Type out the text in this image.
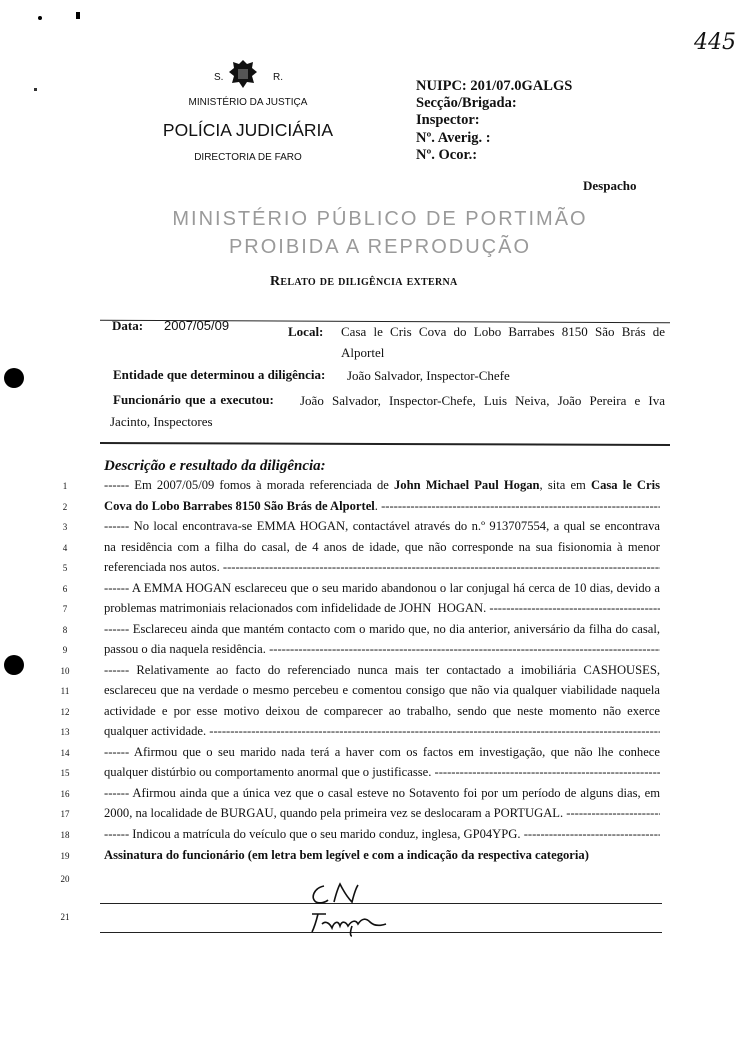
445
S.	R.
MINISTÉRIO DA JUSTIÇA
POLÍCIA JUDICIÁRIA
DIRECTORIA DE FARO
NUIPC: 201/07.0GALGS
Secção/Brigada:
Inspector:
Nº. Averig. :
Nº. Ocor.:
Despacho
MINISTÉRIO PÚBLICO DE PORTIMÃO
PROIBIDA A REPRODUÇÃO
Relato de diligência externa
Data: 2007/05/09	Local: Casa le Cris Cova do Lobo Barrabes 8150 São Brás de
Alportel
Entidade que determinou a diligência: João Salvador, Inspector-Chefe
Funcionário que a executou: João Salvador, Inspector-Chefe, Luis Neiva, João Pereira e Iva
Jacinto, Inspectores
Descrição e resultado da diligência:
1	------ Em 2007/05/09 fomos à morada referenciada de John Michael Paul Hogan, sita em Casa le Cris
2	Cova do Lobo Barrabes 8150 São Brás de Alportel.
-----
3	------ No local encontrava-se EMMA HOGAN, contactável através do n.º 913707554, a qual se encontrava
4	na residência com a filha do casal, de 4 anos de idade, que não corresponde na sua fisionomia à menor
5	referenciada nos autos.
-----
6	------ A EMMA HOGAN esclareceu que o seu marido abandonou o lar conjugal há cerca de 10 dias, devido a
7	problemas matrimoniais relacionados com infidelidade de JOHN  HOGAN.
-----
8	------ Esclareceu ainda que mantém contacto com o marido que, no dia anterior, aniversário da filha do casal,
9	passou o dia naquela residência.
-----
10	------ Relativamente ao facto do referenciado nunca mais ter contactado a imobiliária CASHOUSES,
11	esclareceu que na verdade o mesmo percebeu e comentou consigo que não via qualquer viabilidade naquela
12	actividade e por esse motivo deixou de comparecer ao trabalho, sendo que neste momento não exerce
13	qualquer actividade.
-----
14	------ Afirmou que o seu marido nada terá a haver com os factos em investigação, que não lhe conhece
15	qualquer distúrbio ou comportamento anormal que o justificasse.
-----
16	------ Afirmou ainda que a única vez que o casal esteve no Sotavento foi por um período de alguns dias, em
17	2000, na localidade de BURGAU, quando pela primeira vez se deslocaram a PORTUGAL.
-----
18	------ Indicou a matrícula do veículo que o seu marido conduz, inglesa, GP04YPG.
-----
19	Assinatura do funcionário (em letra bem legível e com a indicação da respectiva categoria)
20
21
